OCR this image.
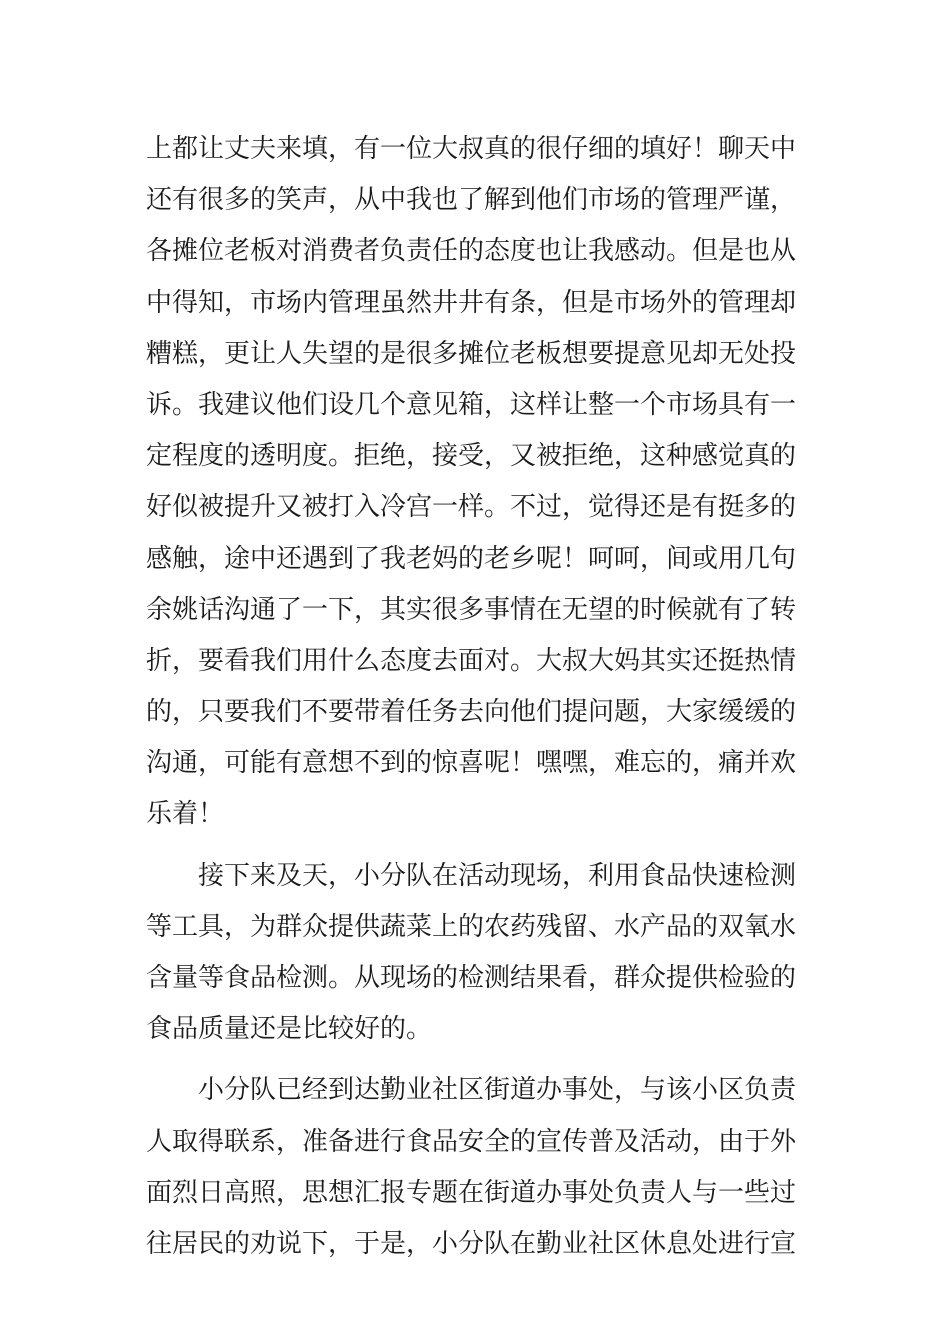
上都让丈夫来填，有一位大叔真的很仔细的填好！聊天中
还有很多的笑声，从中我也了解到他们市场的管理严谨，
各摊位老板对消费者负责任的态度也让我感动。但是也从
中得知，市场内管理虽然井井有条，但是市场外的管理却
糟糕，更让人失望的是很多摊位老板想要提意见却无处投
诉。我建议他们设几个意见箱，这样让整一个市场具有一
定程度的透明度。拒绝，接受，又被拒绝，这种感觉真的
好似被提升又被打入冷宫一样。不过，觉得还是有挺多的
感触，途中还遇到了我老妈的老乡呢！呵呵，间或用几句
余姚话沟通了一下，其实很多事情在无望的时候就有了转
折，要看我们用什么态度去面对。大叔大妈其实还挺热情
的，只要我们不要带着任务去向他们提问题，大家缓缓的
沟通，可能有意想不到的惊喜呢！嘿嘿，难忘的，痛并欢
乐着！
　　接下来及天，小分队在活动现场，利用食品快速检测
等工具，为群众提供蔬菜上的农药残留、水产品的双氧水
含量等食品检测。从现场的检测结果看，群众提供检验的
食品质量还是比较好的。
　　小分队已经到达勤业社区街道办事处，与该小区负责
人取得联系，准备进行食品安全的宣传普及活动，由于外
面烈日高照，思想汇报专题在街道办事处负责人与一些过
往居民的劝说下，于是，小分队在勤业社区休息处进行宣
